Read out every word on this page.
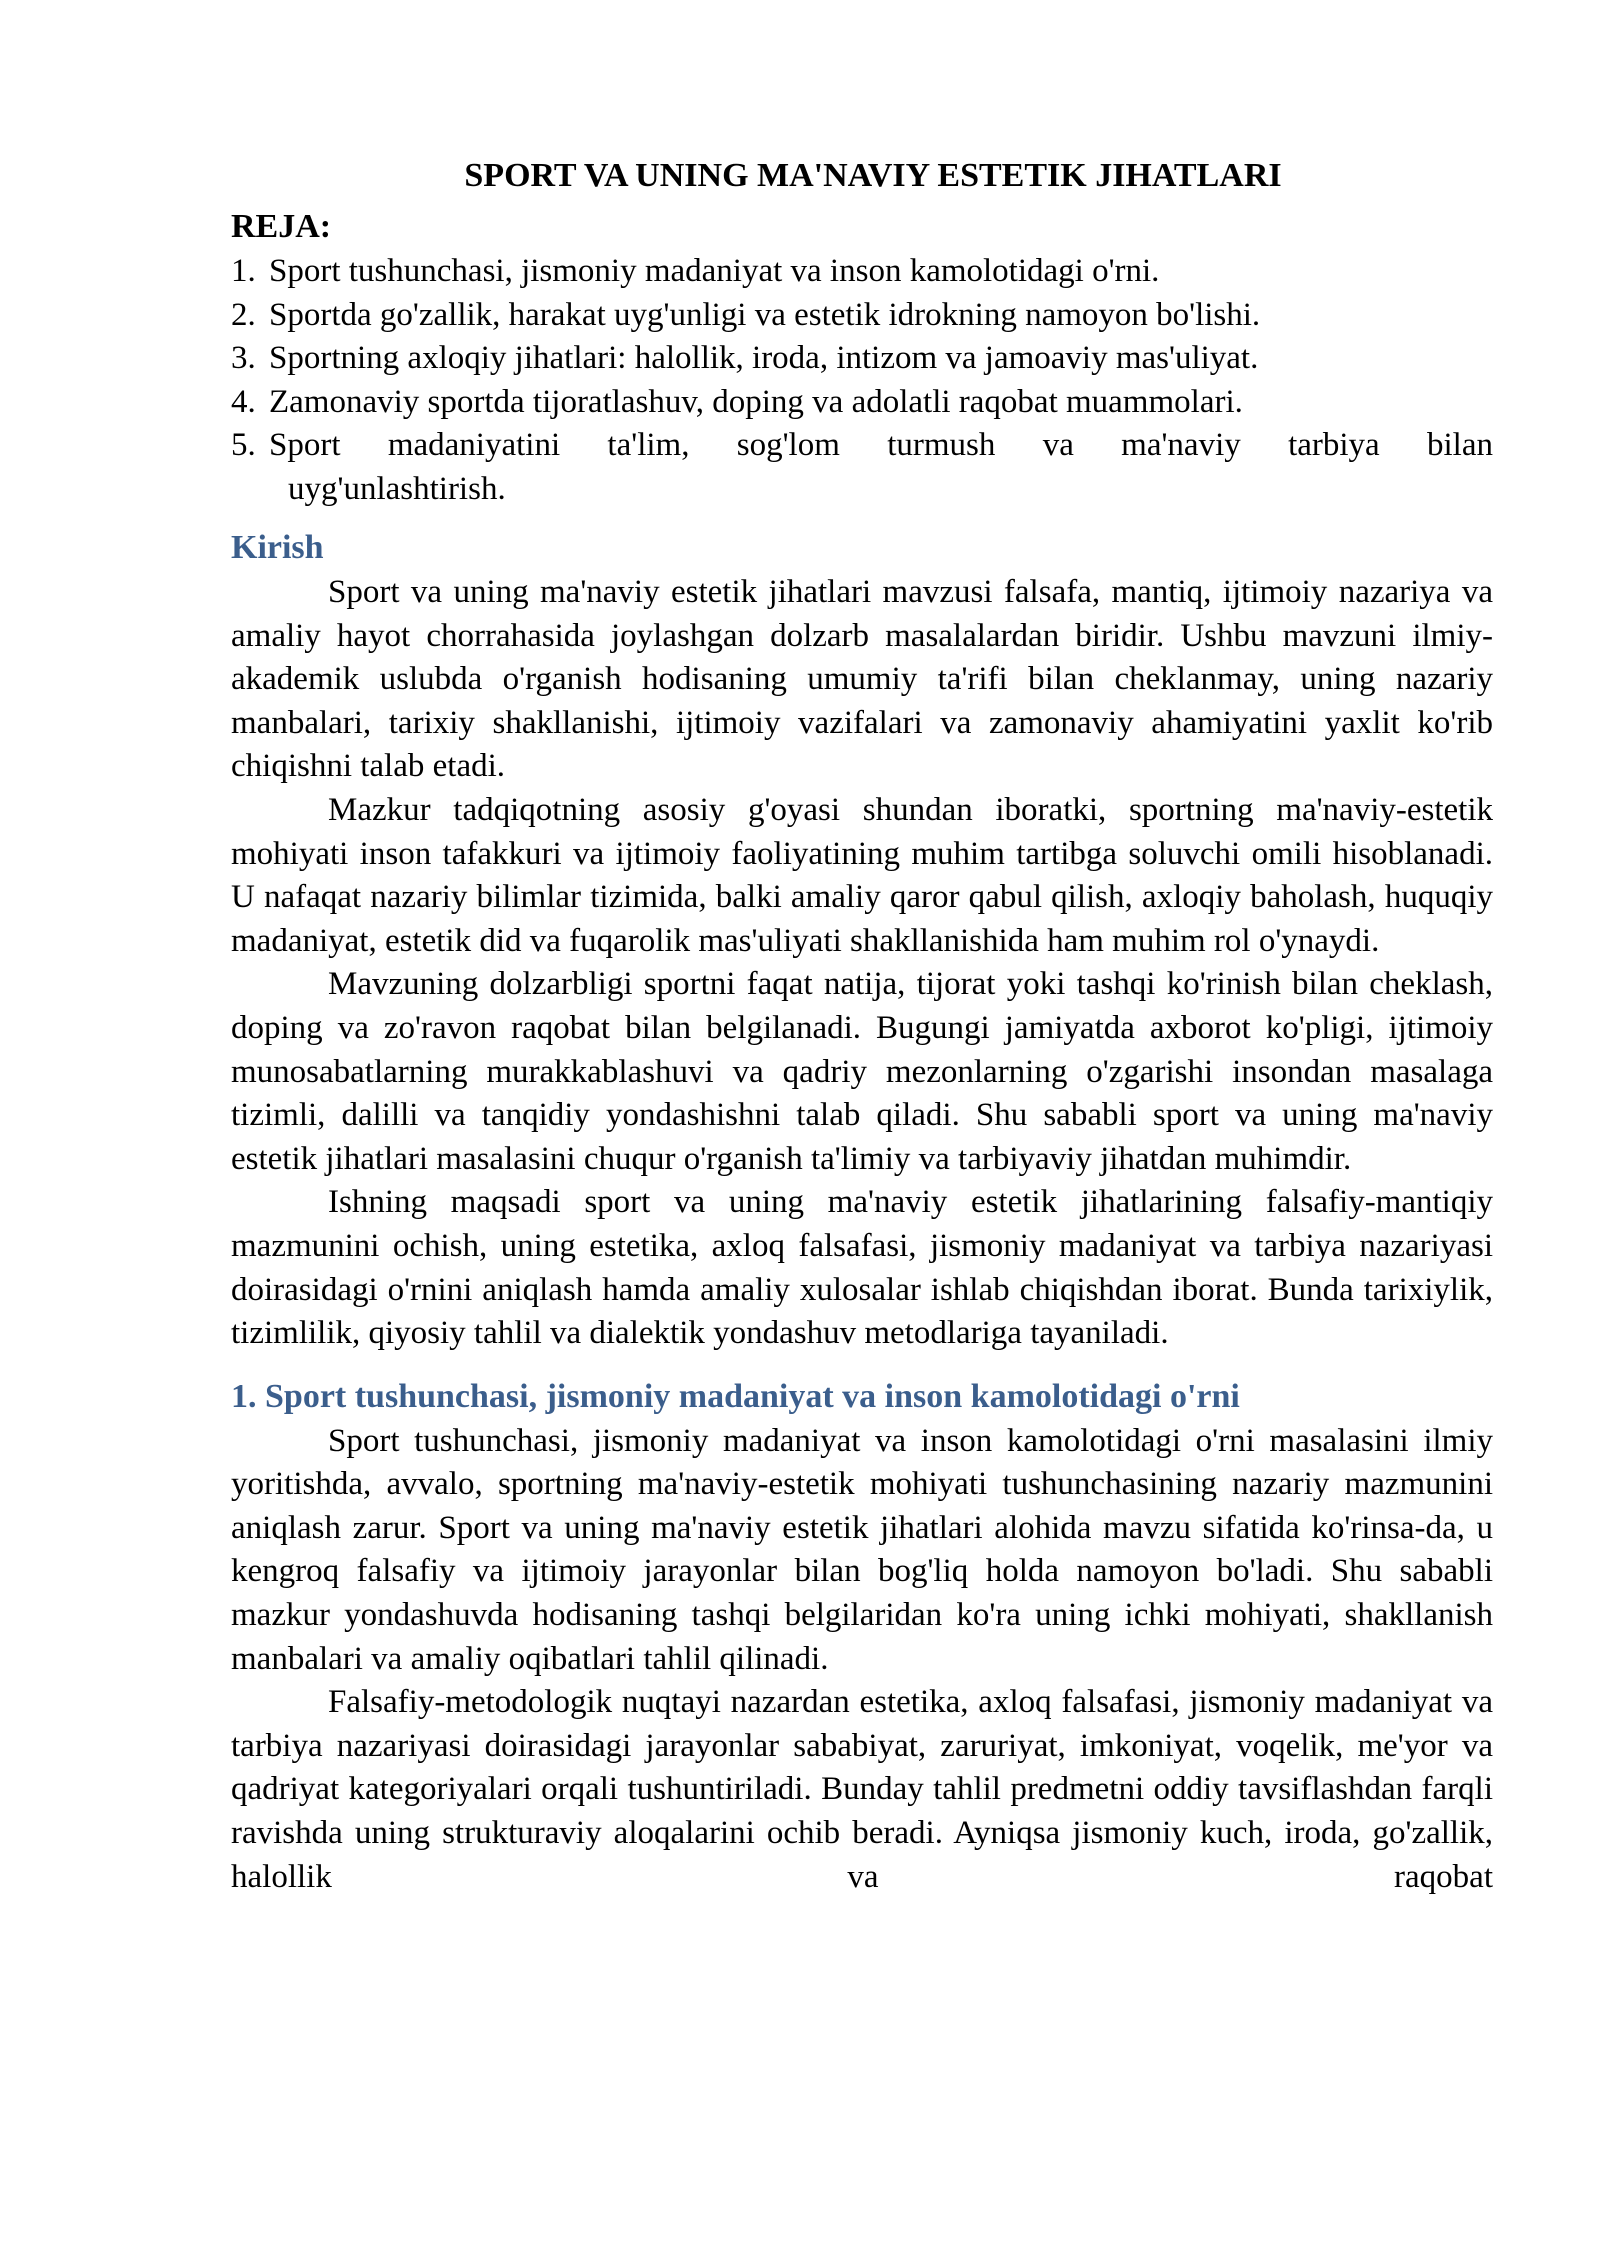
SPORT VA UNING MA'NAVIY ESTETIK JIHATLARI
REJA:
1. Sport tushunchasi, jismoniy madaniyat va inson kamolotidagi o'rni.
2. Sportda go'zallik, harakat uyg'unligi va estetik idrokning namoyon bo'lishi.
3. Sportning axloqiy jihatlari: halollik, iroda, intizom va jamoaviy mas'uliyat.
4. Zamonaviy sportda tijoratlashuv, doping va adolatli raqobat muammolari.
5. Sport madaniyatini ta'lim, sog'lom turmush va ma'naviy tarbiya bilan
uyg'unlashtirish.
Kirish

Sport va uning ma'naviy estetik jihatlari mavzusi falsafa, mantiq, ijtimoiy nazariya va amaliy hayot chorrahasida joylashgan dolzarb masalalardan biridir. Ushbu mavzuni ilmiy-akademik uslubda o'rganish hodisaning umumiy ta'rifi bilan cheklanmay, uning nazariy manbalari, tarixiy shakllanishi, ijtimoiy vazifalari va zamonaviy ahamiyatini yaxlit ko'rib chiqishni talab etadi.

Mazkur tadqiqotning asosiy g'oyasi shundan iboratki, sportning ma'naviy-estetik mohiyati inson tafakkuri va ijtimoiy faoliyatining muhim tartibga soluvchi omili hisoblanadi. U nafaqat nazariy bilimlar tizimida, balki amaliy qaror qabul qilish, axloqiy baholash, huquqiy madaniyat, estetik did va fuqarolik mas'uliyati shakllanishida ham muhim rol o'ynaydi.

Mavzuning dolzarbligi sportni faqat natija, tijorat yoki tashqi ko'rinish bilan cheklash, doping va zo'ravon raqobat bilan belgilanadi. Bugungi jamiyatda axborot ko'pligi, ijtimoiy munosabatlarning murakkablashuvi va qadriy mezonlarning o'zgarishi insondan masalaga tizimli, dalilli va tanqidiy yondashishni talab qiladi. Shu sababli sport va uning ma'naviy estetik jihatlari masalasini chuqur o'rganish ta'limiy va tarbiyaviy jihatdan muhimdir.

Ishning maqsadi sport va uning ma'naviy estetik jihatlarining falsafiy-mantiqiy mazmunini ochish, uning estetika, axloq falsafasi, jismoniy madaniyat va tarbiya nazariyasi doirasidagi o'rnini aniqlash hamda amaliy xulosalar ishlab chiqishdan iborat. Bunda tarixiylik, tizimlilik, qiyosiy tahlil va dialektik yondashuv metodlariga tayaniladi.

1. Sport tushunchasi, jismoniy madaniyat va inson kamolotidagi o'rni

Sport tushunchasi, jismoniy madaniyat va inson kamolotidagi o'rni masalasini ilmiy yoritishda, avvalo, sportning ma'naviy-estetik mohiyati tushunchasining nazariy mazmunini aniqlash zarur. Sport va uning ma'naviy estetik jihatlari alohida mavzu sifatida ko'rinsa-da, u kengroq falsafiy va ijtimoiy jarayonlar bilan bog'liq holda namoyon bo'ladi. Shu sababli mazkur yondashuvda hodisaning tashqi belgilaridan ko'ra uning ichki mohiyati, shakllanish manbalari va amaliy oqibatlari tahlil qilinadi.

Falsafiy-metodologik nuqtayi nazardan estetika, axloq falsafasi, jismoniy madaniyat va tarbiya nazariyasi doirasidagi jarayonlar sababiyat, zaruriyat, imkoniyat, voqelik, me'yor va qadriyat kategoriyalari orqali tushuntiriladi. Bunday tahlil predmetni oddiy tavsiflashdan farqli ravishda uning strukturaviy aloqalarini ochib beradi. Ayniqsa jismoniy kuch, iroda, go'zallik, halollik va raqobat
